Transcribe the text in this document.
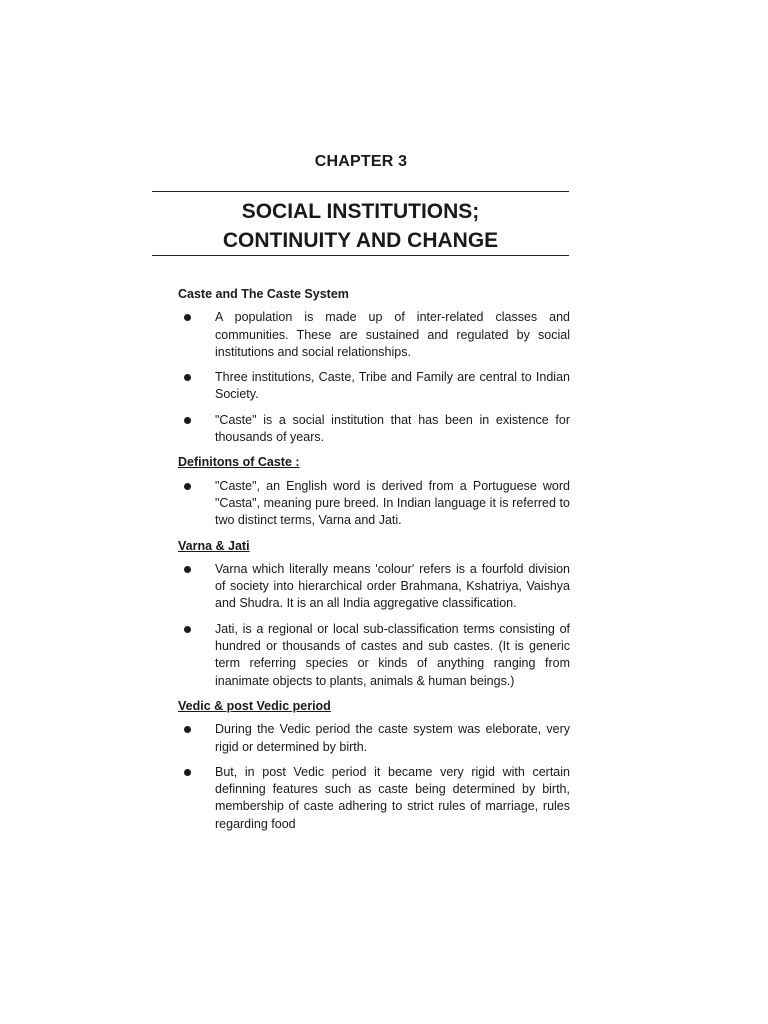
CHAPTER 3
SOCIAL INSTITUTIONS;
CONTINUITY AND CHANGE
Caste and The Caste System
A population is made up of inter-related classes and communities. These are sustained and regulated by social institutions and social relationships.
Three institutions, Caste, Tribe and Family are central to Indian Society.
"Caste" is a social institution that has been in existence for thousands of years.
Definitons of Caste :
"Caste", an English word is derived from a Portuguese word "Casta", meaning pure breed. In Indian language it is referred to two distinct terms, Varna and Jati.
Varna & Jati
Varna which literally means 'colour' refers is a fourfold division of society into hierarchical order Brahmana, Kshatriya, Vaishya and Shudra. It is an all India aggregative classification.
Jati, is a regional or local sub-classification terms consisting of hundred or thousands of castes and sub castes. (It is generic term referring species or kinds of anything ranging from inanimate objects to plants, animals & human beings.)
Vedic & post Vedic period
During the Vedic period the caste system was eleborate, very rigid or determined by birth.
But, in post Vedic period it became very rigid with certain definning features such as caste being determined by birth, membership of caste adhering to strict rules of marriage, rules regarding food
